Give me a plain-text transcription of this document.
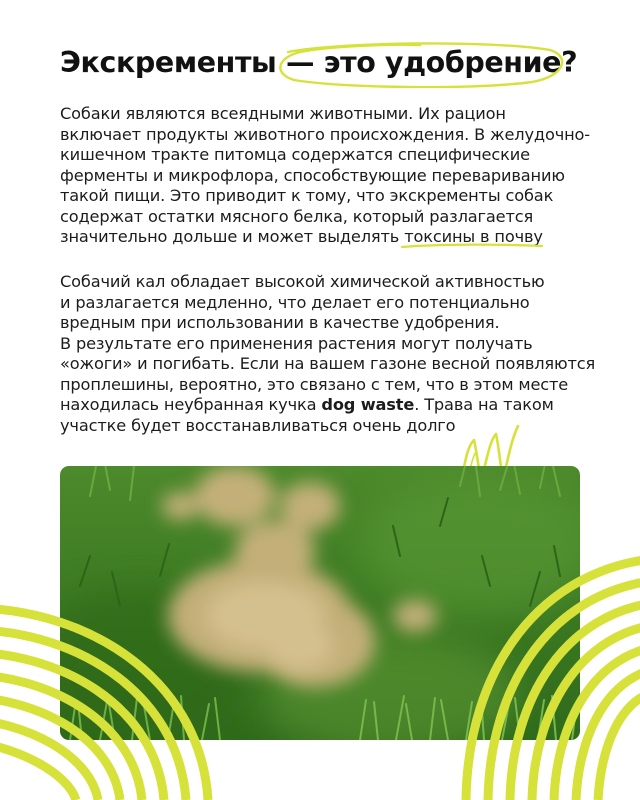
Экскременты — это удобрение?

Собаки являются всеядными животными. Их рацион
включает продукты животного происхождения. В желудочно-
кишечном тракте питомца содержатся специфические
ферменты и микрофлора, способствующие перевариванию
такой пищи. Это приводит к тому, что экскременты собак
содержат остатки мясного белка, который разлагается
значительно дольше и может выделять токсины в почву

Собачий кал обладает высокой химической активностью
и разлагается медленно, что делает его потенциально
вредным при использовании в качестве удобрения.
В результате его применения растения могут получать
«ожоги» и погибать. Если на вашем газоне весной появляются
проплешины, вероятно, это связано с тем, что в этом месте
находилась неубранная кучка dog waste. Трава на таком
участке будет восстанавливаться очень долго
